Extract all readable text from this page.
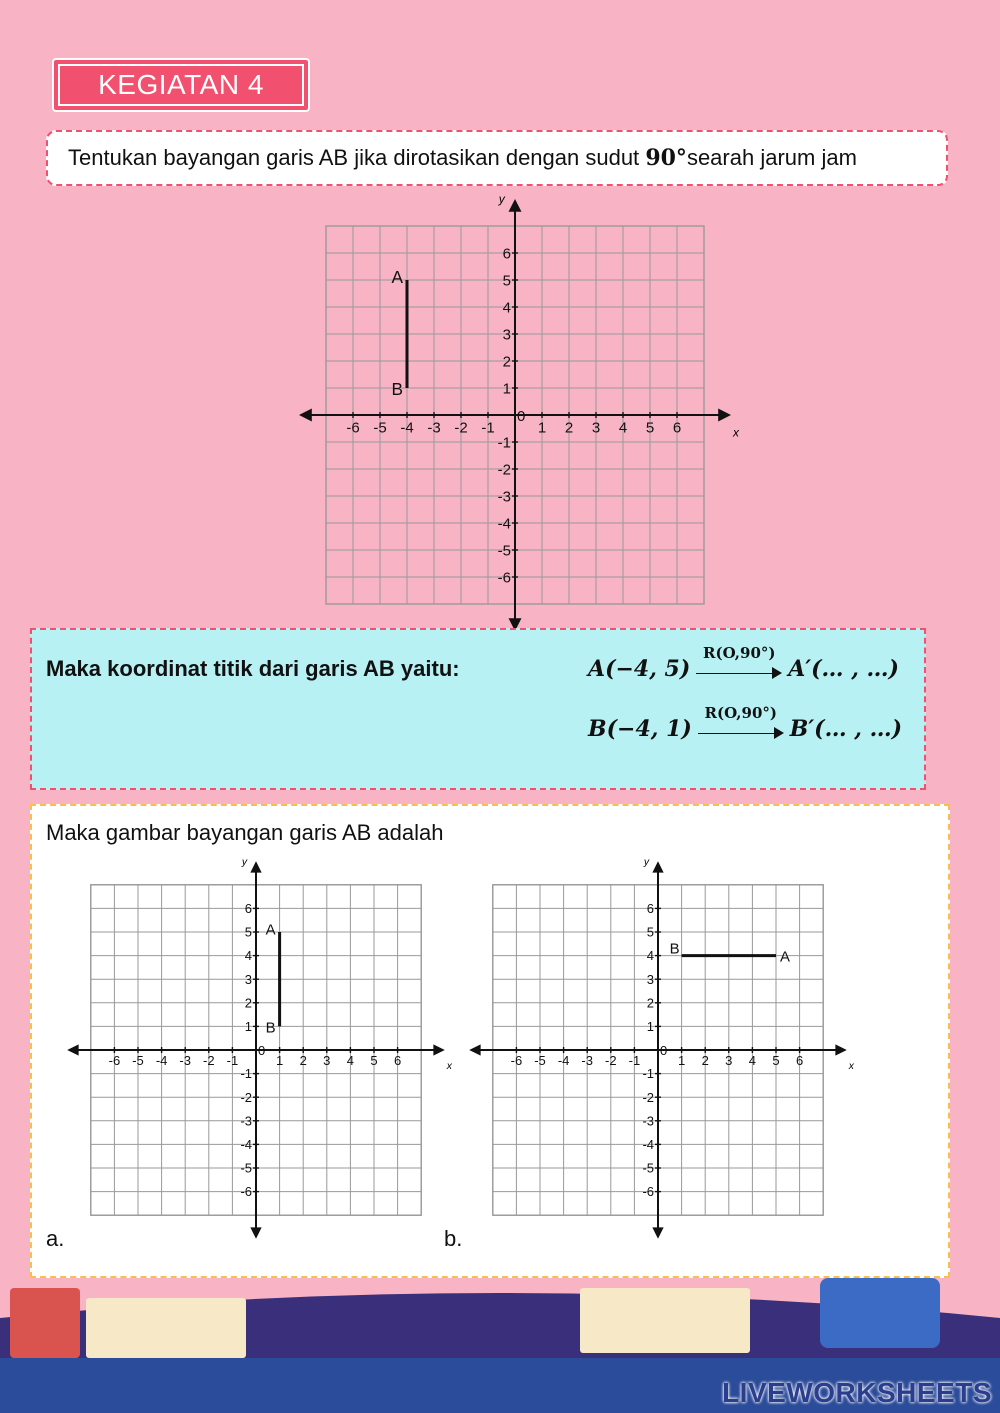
KEGIATAN 4
Tentukan bayangan garis AB jika dirotasikan dengan sudut
90° searah jarum jam
x
y
-6 -5 -4 -3 -2 -1	1 2 3 4 5 6
-6
-5
-4
-3
-2
-1
1
2
3
4
5
6
0
A
B
Maka koordinat titik dari garis AB yaitu:	A(−4, 5)
R(O,90°)
A′(… , …)
B(−4, 1)
R(O,90°)
B′(… , …)
Maka gambar bayangan garis AB adalah
x
y
-6 -5 -4 -3 -2 -1	1 2 3 4 5 6
-6
-5
-4
-3
-2
-1
1
2
3
4
5
6
0
A
B
x
y
-6 -5 -4 -3 -2 -1	1 2 3 4 5 6
-6
-5
-4
-3
-2
-1
1
2
3
4
5
6
0
A
B
a.	b.
LIVEWORKSHEETS
